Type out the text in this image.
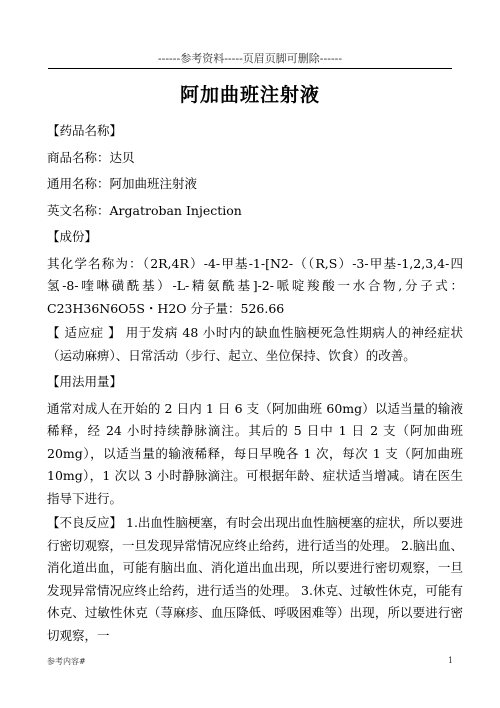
------参考资料-----页眉页脚可删除------
阿加曲班注射液

【药品名称】

商品名称：达贝

通用名称：阿加曲班注射液

英文名称：Argatroban Injection

【成份】

其化学名称为：（2R,4R）-4-甲基-1-[N2-（（R,S）-3-甲基-1,2,3,4-四氢-8-喹啉磺酰基）-L-精氨酰基]-2-哌啶羧酸一水合物,分子式：C23H36N6O5S・H2O 分子量：526.66

【 适应症 】 用于发病 48 小时内的缺血性脑梗死急性期病人的神经症状（运动麻痹）、日常活动（步行、起立、坐位保持、饮食）的改善。

【用法用量】

通常对成人在开始的 2 日内 1 日 6 支（阿加曲班 60mg）以适当量的输液稀释，经 24 小时持续静脉滴注。其后的 5 日中 1 日 2 支（阿加曲班 20mg），以适当量的输液稀释，每日早晚各 1 次，每次 1 支（阿加曲班 10mg），1 次以 3 小时静脉滴注。可根据年龄、症状适当增减。请在医生指导下进行。

【不良反应】 1.出血性脑梗塞，有时会出现出血性脑梗塞的症状，所以要进行密切观察，一旦发现异常情况应终止给药，进行适当的处理。 2.脑出血、消化道出血，可能有脑出血、消化道出血出现，所以要进行密切观察，一旦发现异常情况应终止给药，进行适当的处理。 3.休克、过敏性休克，可能有休克、过敏性休克（荨麻疹、血压降低、呼吸困难等）出现，所以要进行密切观察，一

参考内容#	1
